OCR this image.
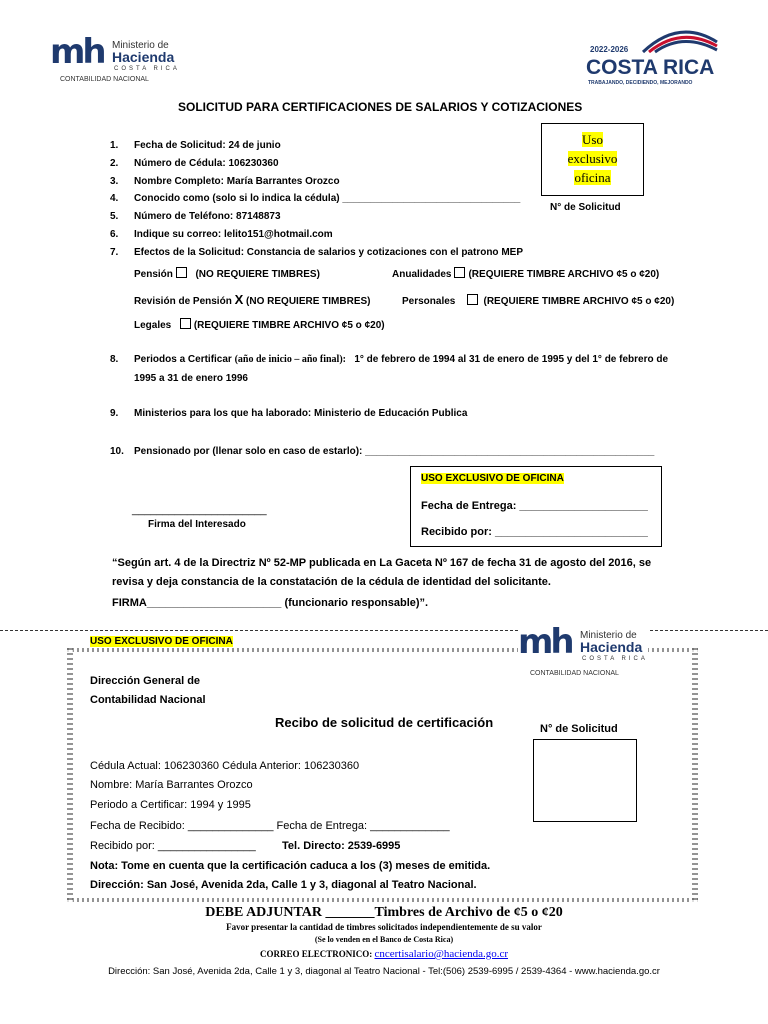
mh Ministerio de
Hacienda
COSTA RICA
CONTABILIDAD NACIONAL
2022-2026
COSTA RICA
TRABAJANDO, DECIDIENDO, MEJORANDO
SOLICITUD PARA CERTIFICACIONES DE SALARIOS Y COTIZACIONES
Uso
exclusivo
oficina
N° de Solicitud
1. Fecha de Solicitud: 24 de junio
2. Número de Cédula: 106230360
3. Nombre Completo: María Barrantes Orozco
4. Conocido como (solo si lo indica la cédula) ________________________________
5. Número de Teléfono: 87148873
6. Indique su correo: lelito151@hotmail.com
7. Efectos de la Solicitud: Constancia de salarios y cotizaciones con el patrono MEP
Pensión (NO REQUIERE TIMBRES)	Anualidades (REQUIERE TIMBRE ARCHIVO ¢5 o ¢20)
Revisión de Pensión X (NO REQUIERE TIMBRES)	Personales	(REQUIERE TIMBRE ARCHIVO ¢5 o ¢20)
Legales (REQUIERE TIMBRE ARCHIVO ¢5 o ¢20)
8. Periodos a Certificar (año de inicio – año final): 1° de febrero de 1994 al 31 de enero de 1995 y del 1° de febrero de
1995 a 31 de enero 1996
9. Ministerios para los que ha laborado: Ministerio de Educación Publica
10. Pensionado por (llenar solo en caso de estarlo): ____________________________________________________
______________________
Firma del Interesado
USO EXCLUSIVO DE OFICINA
Fecha de Entrega: _____________________
Recibido por: _________________________
“Según art. 4 de la Directriz Nº 52-MP publicada en La Gaceta Nº 167 de fecha 31 de agosto del 2016, se
revisa y deja constancia de la constatación de la cédula de identidad del solicitante.
FIRMA______________________ (funcionario responsable)”.
USO EXCLUSIVO DE OFICINA	mh Ministerio de
Hacienda
COSTA RICA
CONTABILIDAD NACIONAL
Dirección General de
Contabilidad Nacional
Recibo de solicitud de certificación	N° de Solicitud
Cédula Actual: 106230360 Cédula Anterior: 106230360
Nombre: María Barrantes Orozco
Periodo a Certificar: 1994 y 1995
Fecha de Recibido: ______________ Fecha de Entrega: _____________
Recibido por: ________________ Tel. Directo: 2539-6995
Nota: Tome en cuenta que la certificación caduca a los (3) meses de emitida.
Dirección: San José, Avenida 2da, Calle 1 y 3, diagonal al Teatro Nacional.
DEBE ADJUNTAR _______Timbres de Archivo de ¢5 o ¢20
Favor presentar la cantidad de timbres solicitados independientemente de su valor
(Se lo venden en el Banco de Costa Rica)
CORREO ELECTRONICO: cncertisalario@hacienda.go.cr
Dirección: San José, Avenida 2da, Calle 1 y 3, diagonal al Teatro Nacional - Tel:(506) 2539-6995 / 2539-4364 - www.hacienda.go.cr
